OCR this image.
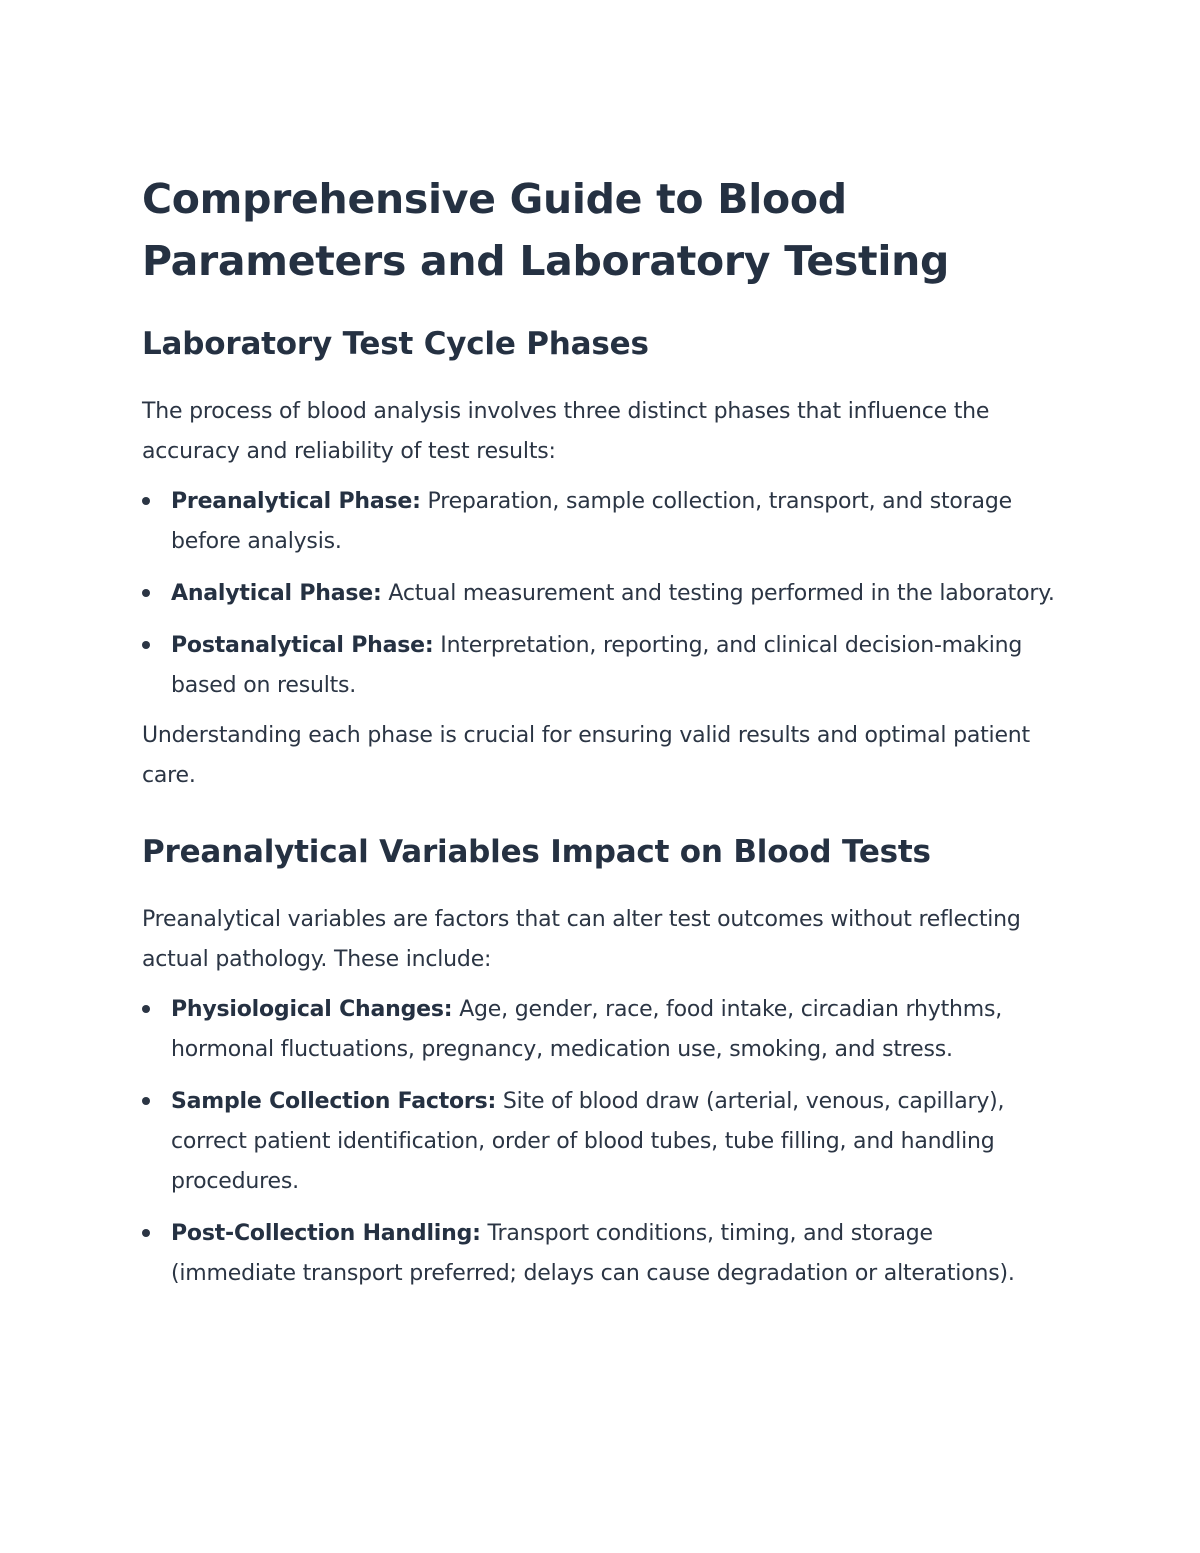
Comprehensive Guide to Blood Parameters and Laboratory Testing
Laboratory Test Cycle Phases

The process of blood analysis involves three distinct phases that influence the accuracy and reliability of test results:

Preanalytical Phase: Preparation, sample collection, transport, and storage before analysis.
Analytical Phase: Actual measurement and testing performed in the laboratory.
Postanalytical Phase: Interpretation, reporting, and clinical decision-making based on results.

Understanding each phase is crucial for ensuring valid results and optimal patient care.

Preanalytical Variables Impact on Blood Tests

Preanalytical variables are factors that can alter test outcomes without reflecting actual pathology. These include:

Physiological Changes: Age, gender, race, food intake, circadian rhythms, hormonal fluctuations, pregnancy, medication use, smoking, and stress.
Sample Collection Factors: Site of blood draw (arterial, venous, capillary), correct patient identification, order of blood tubes, tube filling, and handling procedures.
Post-Collection Handling: Transport conditions, timing, and storage (immediate transport preferred; delays can cause degradation or alterations).
